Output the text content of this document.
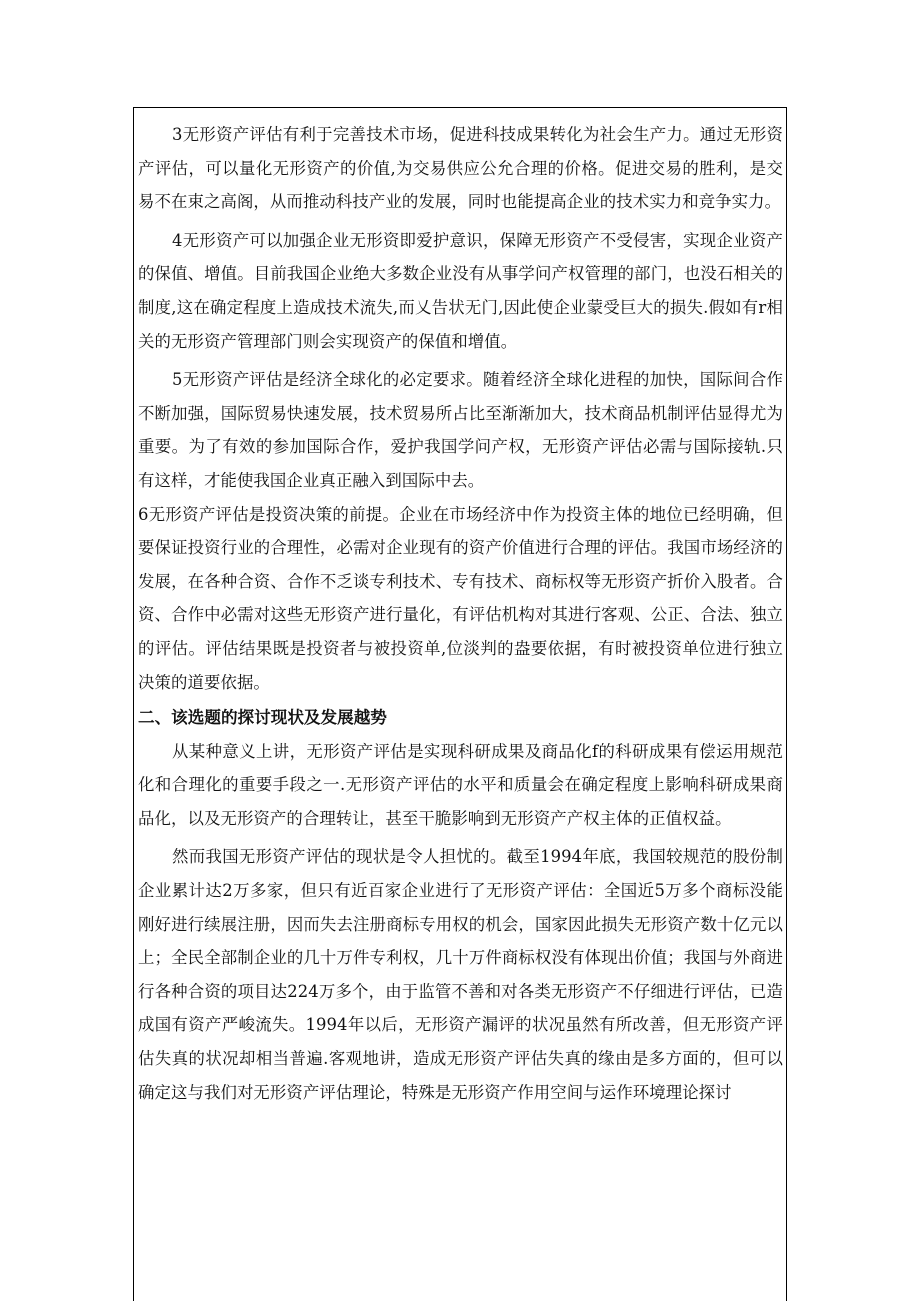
3无形资产评估有利于完善技术市场，促进科技成果转化为社会生产力。通过无形资产评估，可以量化无形资产的价值,为交易供应公允合理的价格。促进交易的胜利，是交易不在束之高阁，从而推动科技产业的发展，同时也能提高企业的技术实力和竞争实力。

4无形资产可以加强企业无形资即爱护意识，保障无形资产不受侵害，实现企业资产的保值、增值。目前我国企业绝大多数企业没有从事学问产权管理的部门，也没石相关的制度,这在确定程度上造成技术流失,而乂告状无门,因此使企业蒙受巨大的损失.假如有r相关的无形资产管理部门则会实现资产的保值和增值。

5无形资产评估是经济全球化的必定要求。随着经济全球化进程的加快，国际间合作不断加强，国际贸易快速发展，技术贸易所占比至渐渐加大，技术商品机制评估显得尤为重要。为了有效的参加国际合作，爱护我国学问产权，无形资产评估必需与国际接轨.只有这样，才能使我国企业真正融入到国际中去。

6无形资产评估是投资决策的前提。企业在市场经济中作为投资主体的地位已经明确，但要保证投资行业的合理性，必需对企业现有的资产价值进行合理的评估。我国市场经济的发展，在各种合资、合作不乏谈专利技术、专有技术、商标权等无形资产折价入股者。合资、合作中必需对这些无形资产进行量化，有评估机构对其进行客观、公正、合法、独立的评估。评估结果既是投资者与被投资单,位淡判的盎要依据，有时被投资单位进行独立决策的道要依据。

二、该选题的探讨现状及发展越势

从某种意义上讲，无形资产评估是实现科研成果及商品化f的科研成果有偿运用规范化和合理化的重要手段之一.无形资产评估的水平和质量会在确定程度上影响科研成果商品化，以及无形资产的合理转让，甚至干脆影响到无形资产产权主体的正值权益。

然而我国无形资产评估的现状是令人担忧的。截至1994年底，我国较规范的股份制企业累计达2万多家，但只有近百家企业进行了无形资产评估：全国近5万多个商标没能刚好进行续展注册，因而失去注册商标专用权的机会，国家因此损失无形资产数十亿元以上；全民全部制企业的几十万件专利权，几十万件商标权没有体现出价值；我国与外商进行各种合资的项目达224万多个，由于监管不善和对各类无形资产不仔细进行评估，已造成国有资产严峻流失。1994年以后，无形资产漏评的状况虽然有所改善，但无形资产评估失真的状况却相当普遍.客观地讲，造成无形资产评估失真的缘由是多方面的，但可以确定这与我们对无形资产评估理论，特殊是无形资产作用空间与运作环境理论探讨
